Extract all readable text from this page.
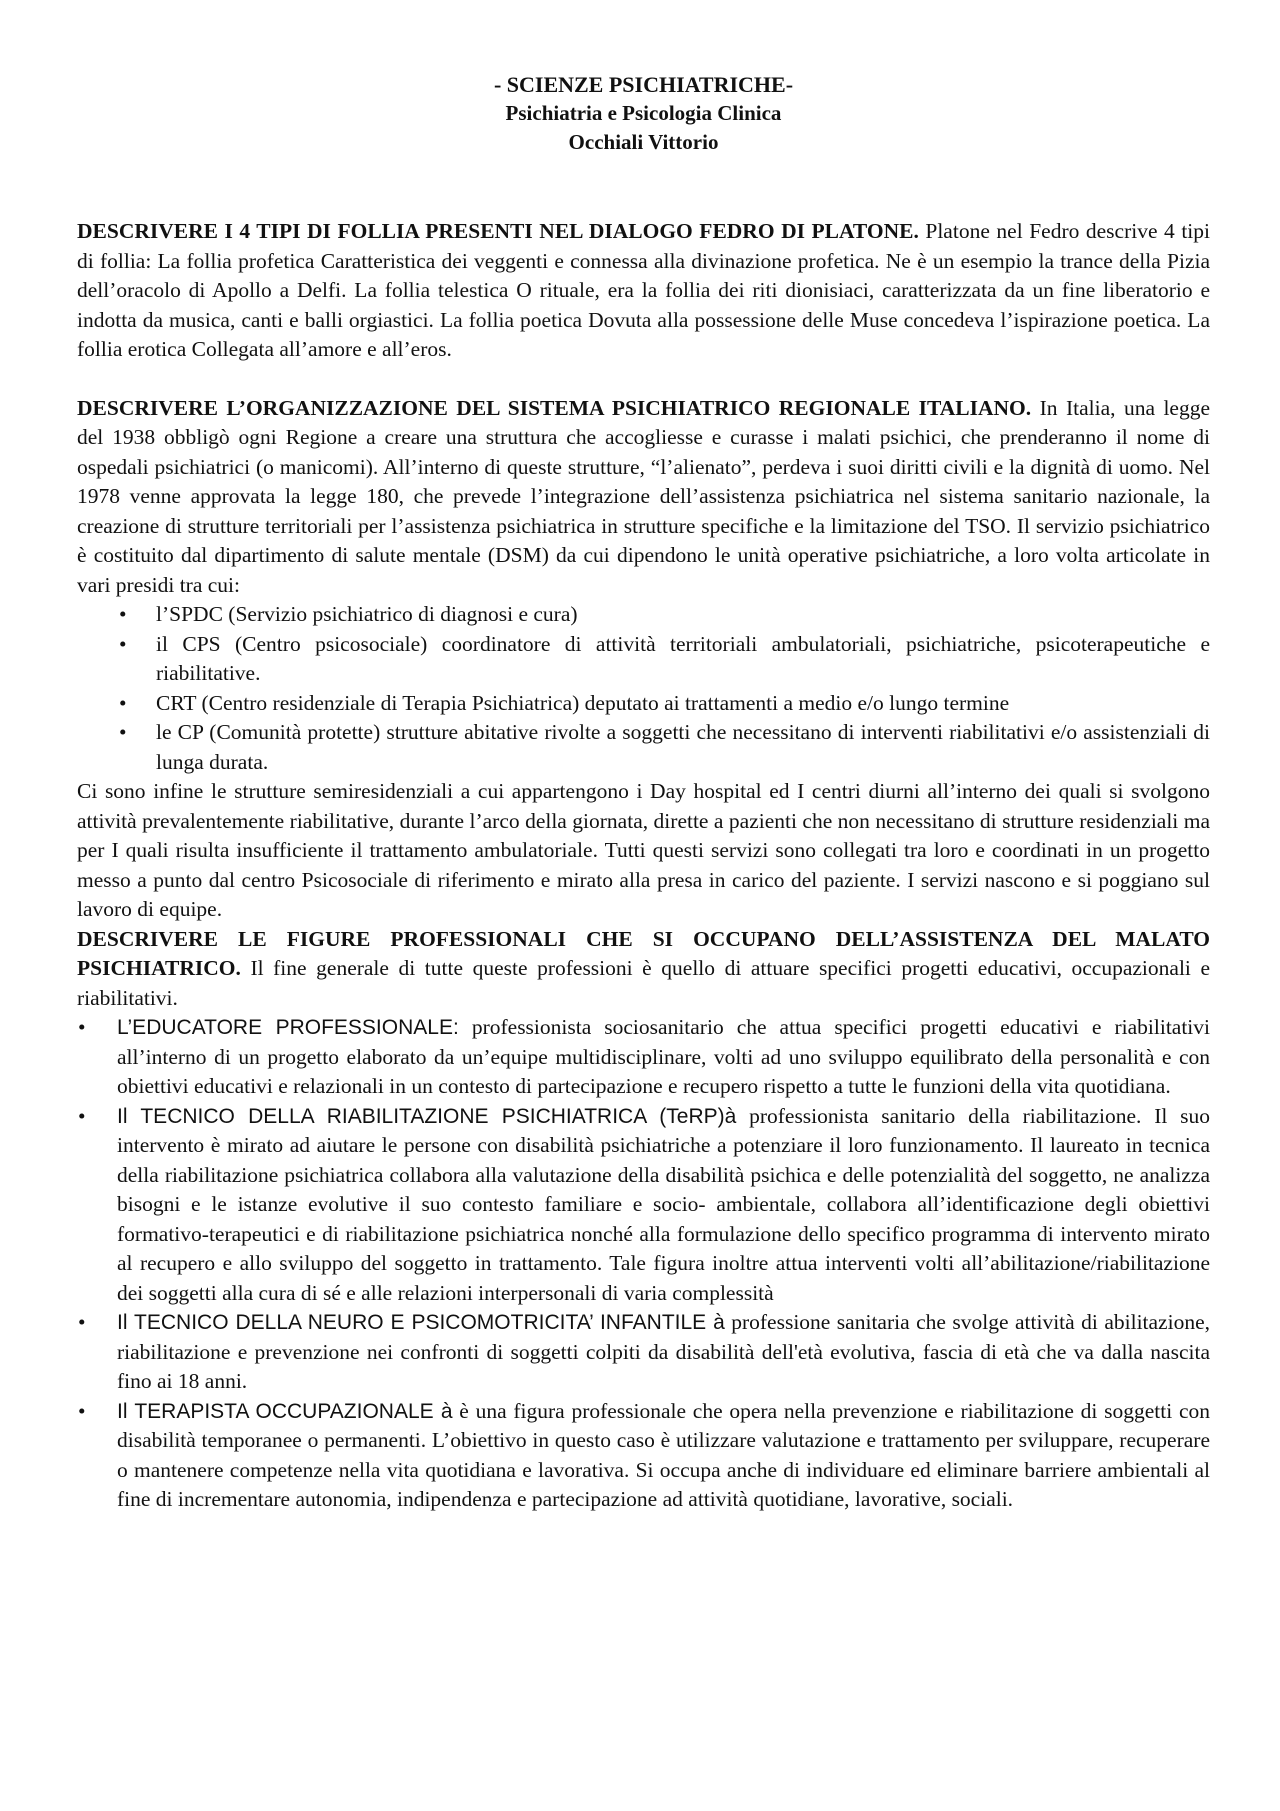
- SCIENZE PSICHIATRICHE-
Psichiatria e Psicologia Clinica
Occhiali Vittorio

DESCRIVERE I 4 TIPI DI FOLLIA PRESENTI NEL DIALOGO FEDRO DI PLATONE. Platone nel Fedro descrive 4 tipi di follia: La follia profetica Caratteristica dei veggenti e connessa alla divinazione profetica. Ne è un esempio la trance della Pizia dell’oracolo di Apollo a Delfi. La follia telestica O rituale, era la follia dei riti dionisiaci, caratterizzata da un fine liberatorio e indotta da musica, canti e balli orgiastici. La follia poetica Dovuta alla possessione delle Muse concedeva l’ispirazione poetica. La follia erotica Collegata all’amore e all’eros.

DESCRIVERE L’ORGANIZZAZIONE DEL SISTEMA PSICHIATRICO REGIONALE ITALIANO. In Italia, una legge del 1938 obbligò ogni Regione a creare una struttura che accogliesse e curasse i malati psichici, che prenderanno il nome di ospedali psichiatrici (o manicomi). All’interno di queste strutture, “l’alienato”, perdeva i suoi diritti civili e la dignità di uomo. Nel 1978 venne approvata la legge 180, che prevede l’integrazione dell’assistenza psichiatrica nel sistema sanitario nazionale, la creazione di strutture territoriali per l’assistenza psichiatrica in strutture specifiche e la limitazione del TSO. Il servizio psichiatrico è costituito dal dipartimento di salute mentale (DSM) da cui dipendono le unità operative psichiatriche, a loro volta articolate in vari presidi tra cui:

• l’SPDC (Servizio psichiatrico di diagnosi e cura)
• il CPS (Centro psicosociale) coordinatore di attività territoriali ambulatoriali, psichiatriche, psicoterapeutiche e riabilitative.
• CRT (Centro residenziale di Terapia Psichiatrica) deputato ai trattamenti a medio e/o lungo termine
• le CP (Comunità protette) strutture abitative rivolte a soggetti che necessitano di interventi riabilitativi e/o assistenziali di lunga durata.

Ci sono infine le strutture semiresidenziali a cui appartengono i Day hospital ed I centri diurni all’interno dei quali si svolgono attività prevalentemente riabilitative, durante l’arco della giornata, dirette a pazienti che non necessitano di strutture residenziali ma per I quali risulta insufficiente il trattamento ambulatoriale. Tutti questi servizi sono collegati tra loro e coordinati in un progetto messo a punto dal centro Psicosociale di riferimento e mirato alla presa in carico del paziente. I servizi nascono e si poggiano sul lavoro di equipe.

DESCRIVERE LE FIGURE PROFESSIONALI CHE SI OCCUPANO DELL’ASSISTENZA DEL MALATO PSICHIATRICO. Il fine generale di tutte queste professioni è quello di attuare specifici progetti educativi, occupazionali e riabilitativi.

• L’EDUCATORE PROFESSIONALE: professionista sociosanitario che attua specifici progetti educativi e riabilitativi all’interno di un progetto elaborato da un’equipe multidisciplinare, volti ad uno sviluppo equilibrato della personalità e con obiettivi educativi e relazionali in un contesto di partecipazione e recupero rispetto a tutte le funzioni della vita quotidiana.
• Il TECNICO DELLA RIABILITAZIONE PSICHIATRICA (TeRP)à professionista sanitario della riabilitazione. Il suo intervento è mirato ad aiutare le persone con disabilità psichiatriche a potenziare il loro funzionamento. Il laureato in tecnica della riabilitazione psichiatrica collabora alla valutazione della disabilità psichica e delle potenzialità del soggetto, ne analizza bisogni e le istanze evolutive il suo contesto familiare e socio- ambientale, collabora all’identificazione degli obiettivi formativo-terapeutici e di riabilitazione psichiatrica nonché alla formulazione dello specifico programma di intervento mirato al recupero e allo sviluppo del soggetto in trattamento. Tale figura inoltre attua interventi volti all’abilitazione/riabilitazione dei soggetti alla cura di sé e alle relazioni interpersonali di varia complessità
• Il TECNICO DELLA NEURO E PSICOMOTRICITA’ INFANTILE à professione sanitaria che svolge attività di abilitazione, riabilitazione e prevenzione nei confronti di soggetti colpiti da disabilità dell'età evolutiva, fascia di età che va dalla nascita fino ai 18 anni.
• Il TERAPISTA OCCUPAZIONALE à è una figura professionale che opera nella prevenzione e riabilitazione di soggetti con disabilità temporanee o permanenti. L’obiettivo in questo caso è utilizzare valutazione e trattamento per sviluppare, recuperare o mantenere competenze nella vita quotidiana e lavorativa. Si occupa anche di individuare ed eliminare barriere ambientali al fine di incrementare autonomia, indipendenza e partecipazione ad attività quotidiane, lavorative, sociali.
